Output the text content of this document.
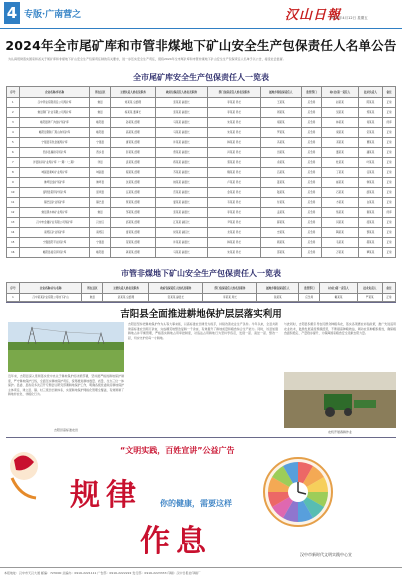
4 专版·广南营之	汉山日報
2024年4月12日 星期五
2024年全市尾矿库和市管非煤地下矿山安全生产包保责任人名单公告
为认真贯彻落实国家和省关于尾矿库和非煤地下矿山安全生产包保责任制的有关要求，进一步压实安全生产责任，现将2024年全市尾矿库和市管非煤地下矿山安全生产包保责任人名单予以公告，接受社会监督。
全市尾矿库安全生产包保责任人一览表
序号	企业名称/库名称	所在县区	主要负责人姓名及职务	政府包保责任人姓名及职务	部门包保责任人姓名及职务	属地乡镇包保责任人	监管部门	村(社)第一责任人	技术负责人	备注
1	汉中锌业有限责任公司尾矿库	勉县	刘某某 总经理	张某某 副县长	李某某 局长	王某某	应急局	赵某某	陈某某	正常
2	勉县铜厂矿业有限公司尾矿库	勉县	杨某某 董事长	张某某 副县长	李某某 局长	周某某	应急局	吴某某	郑某某	正常
3	略阳县铧厂沟金矿尾矿库	略阳县	孙某某 经理	马某某 副县长	朱某某 局长	胡某某	应急局	林某某	何某某	闭库
4	略阳县钢铁厂黑山沟尾矿库	略阳县	高某某 经理	马某某 副县长	朱某某 局长	罗某某	应急局	梁某某	宋某某	正常
5	宁强县有色金属尾矿库	宁强县	唐某某 经理	许某某 副县长	韩某某 局长	冯某某	应急局	邓某某	曹某某	正常
6	西乡县鹿龄寺尾矿库	西乡县	彭某某 经理	曾某某 副县长	肖某某 局长	田某某	应急局	董某某	潘某某	正常
7	洋县铁河矿业尾矿库（一期）（二期）	洋县	袁某某 经理	蒋某某 副县长	蔡某某 局长	余某某	应急局	杜某某	叶某某	正常
8	城固县秦岭矿业尾矿库	城固县	程某某 经理	苏某某 副县长	魏某某 局长	吕某某	应急局	丁某某	任某某	正常
9	佛坪县金矿尾矿库	佛坪县	沈某某 经理	姚某某 副县长	卢某某 局长	姜某某	应急局	崔某某	钟某某	正常
10	留坝县铅锌矿尾矿库	留坝县	汪某某 经理	范某某 副县长	金某某 局长	陆某某	应急局	石某某	廖某某	正常
11	镇巴县矿业尾矿库	镇巴县	贾某某 经理	夏某某 副县长	韦某某 局长	付某某	应急局	方某某	白某某	正常
12	勉县黑木林矿业尾矿库	勉县	邹某某 经理	张某某 副县长	李某某 局长	孟某某	应急局	熊某某	秦某某	闭库
13	汉中市金属矿业有限公司尾矿库	汉台区	邱某某 经理	江某某 副区长	尹某某 局长	薛某某	应急局	闫某某	段某某	正常
14	南郑区矿业尾矿库	南郑区	雷某某 经理	侯某某 副区长	龙某某 局长	史某某	应急局	陶某某	黎某某	正常
15	宁强县阳平关尾矿库	宁强县	贺某某 经理	许某某 副县长	韩某某 局长	顾某某	应急局	毛某某	郝某某	正常
16	略阳县接官亭尾矿库	略阳县	龚某某 经理	马某某 副县长	朱某某 局长	邵某某	应急局	万某某	覃某某	正常
市管非煤地下矿山安全生产包保责任人一览表
序号	企业名称/矿山名称	所在县区	主要负责人姓名及职务	政府包保责任人姓名及职务	部门包保责任人姓名及职务	属地乡镇包保责任人	监管部门	村(社)第一责任人	技术负责人	备注
1	汉中某某矿业有限公司地下矿山	勉县	武某某 总经理	张某某 副县长	李某某 局长	钱某某	应急局	戴某某	严某某	正常
吉阳县全面推进耕地保护层层落实利用
吉阳县高标准农田
近年来，吉阳县深入贯彻落实党中央关于耕地保护的决策部署，坚持最严格的耕地保护制度，严守耕地保护红线，全面压实耕地保护责任，统筹推进耕地数量、质量、生态三位一体保护。县委、县政府多次召开专题会议研究部署耕地保护工作，明确各级党委政府耕地保护主体责任，建立县、镇、村三级田长制体系，实现耕地保护网格化管理全覆盖，有效遏制了耕地非农化、非粮化行为。
吉阳县坚持把耕地保护作为头等大事来抓，以高标准农田建设为抓手，持续改善农业生产条件。今年以来，全县共新建高标准农田两万余亩，完成撂荒地整治复耕一千余亩，有效提升了耕地质量和粮食综合生产能力。同时，该县加强耕地占补平衡管理，严格落实耕地占用审批制度，对违法占用耕地行为坚持零容忍，发现一起、查处一起、整改一起，切实守护好每一寸耕地。
与此同时，吉阳县积极引导农民群众种粮务农，落实各项惠农补贴政策，推广先进适用农业技术，鼓励发展适度规模经营，不断提高种粮效益，调动农民种粮积极性，确保粮食面积稳定、产量稳步提升，为保障国家粮食安全贡献吉阳力量。
农机开展春耕作业
“文明实践，百姓宣讲”公益广告
规律 你的健康，需要这样
作息	汉中市新时代文明实践中心宣
本报地址：汉中市天汉大道 邮编：723000 总编办：0916-2221111 广告部：0916-2222222 发行部：0916-2223333 印刷：汉中日报社印刷厂
